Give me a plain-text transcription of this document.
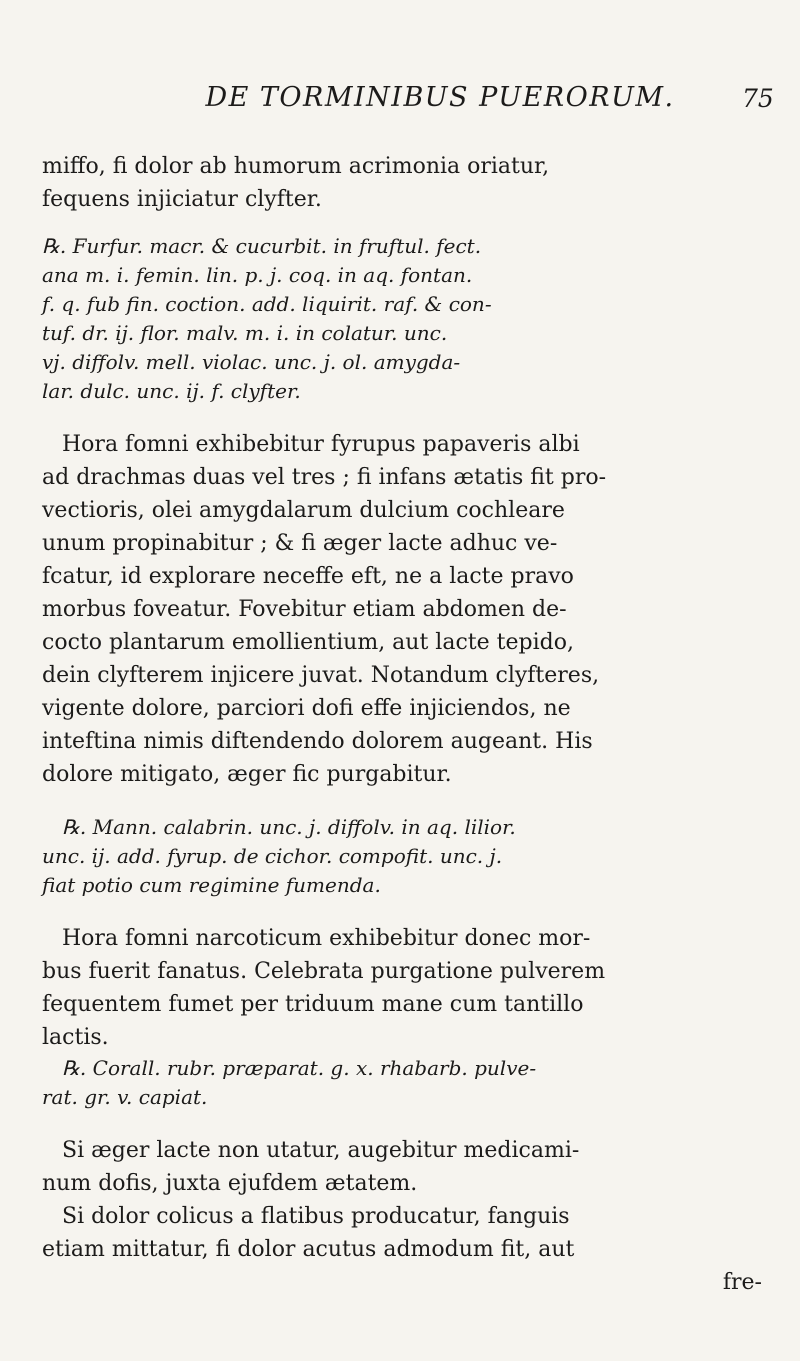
DE TORMINIBUS PUERORUM.	75
miffo, fi dolor ab humorum acrimonia oriatur,
fequens injiciatur clyfter.
℞. Furfur. macr. & cucurbit. in fruftul. fect.
ana m. i. femin. lin. p. j. coq. in aq. fontan.
f. q. fub fin. coction. add. liquirit. raf. & con-
tuf. dr. ij. flor. malv. m. i. in colatur. unc.
vj. diffolv. mell. violac. unc. j. ol. amygda-
lar. dulc. unc. ij. f. clyfter.
Hora fomni exhibebitur fyrupus papaveris albi
ad drachmas duas vel tres ; fi infans ætatis fit pro-
vectioris, olei amygdalarum dulcium cochleare
unum propinabitur ; & fi æger lacte adhuc ve-
fcatur, id explorare neceffe eft, ne a lacte pravo
morbus foveatur. Fovebitur etiam abdomen de-
cocto plantarum emollientium, aut lacte tepido,
dein clyfterem injicere juvat. Notandum clyfteres,
vigente dolore, parciori dofi effe injiciendos, ne
inteftina nimis diftendendo dolorem augeant. His
dolore mitigato, æger fic purgabitur.
℞. Mann. calabrin. unc. j. diffolv. in aq. lilior.
unc. ij. add. fyrup. de cichor. compofit. unc. j.
fiat potio cum regimine fumenda.
Hora fomni narcoticum exhibebitur donec mor-
bus fuerit fanatus. Celebrata purgatione pulverem
fequentem fumet per triduum mane cum tantillo
lactis.
℞. Corall. rubr. præparat. g. x. rhabarb. pulve-
rat. gr. v. capiat.
Si æger lacte non utatur, augebitur medicami-
num dofis, juxta ejufdem ætatem.
Si dolor colicus a flatibus producatur, fanguis
etiam mittatur, fi dolor acutus admodum fit, aut
fre-
